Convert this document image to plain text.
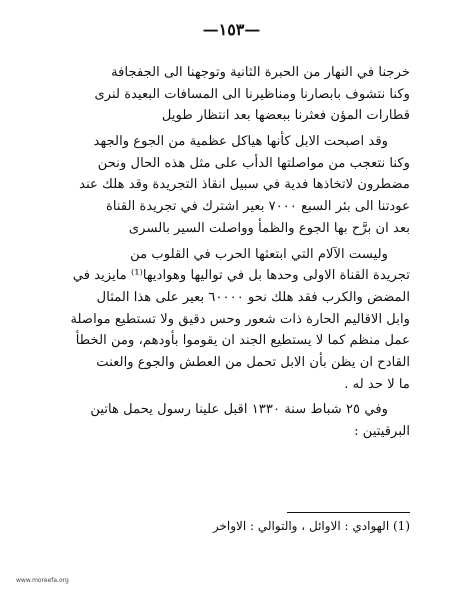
—١٥٣—
خرجنا في النهار من الحبرة الثانية وتوجهنا الى الجفجافة
وكنا نتشوف بابصارنا ومناظيرنا الى المسافات البعيدة لنرى
قطارات المؤن فعثرنا ببعضها بعد انتظار طويل
وقد اصبحت الابل كأنها هياكل عظمية من الجوع والجهد
وكنا نتعجب من مواصلتها الدأب على مثل هذه الحال ونحن
مضطرون لاتخاذها فدية في سبيل انقاذ التجريدة وقد هلك عند
عودتنا الى بئر السبع ٧٠٠٠ بعير اشترك في تجريدة القناة
بعد ان برَّح بها الجوع والظمأ وواصلت السير بالسرى
وليست الآلام التي ابتعثها الحرب في القلوب من
تجريدة القناة الاولى وحدها بل في تواليها وهواديها⁽¹⁾ مايزيد في
المضض والكرب فقد هلك نحو ٦٠٠٠٠ بعير على هذا المثال
وابل الاقاليم الحارة ذات شعور وحس دقيق ولا تستطيع مواصلة
عمل منظم كما لا يستطيع الجند ان يقوموا بأودهم، ومن الخطأ
القادح ان يظن بأن الابل تحمل من العطش والجوع والعنت
ما لا حد له .
وفي ٢٥ شباط سنة ١٣٣٠ اقبل علينا رسول يحمل هاتين
البرقيتين :
(1) الهوادي : الاوائل ، والتوالي : الاواخر
www.moreefa.org
